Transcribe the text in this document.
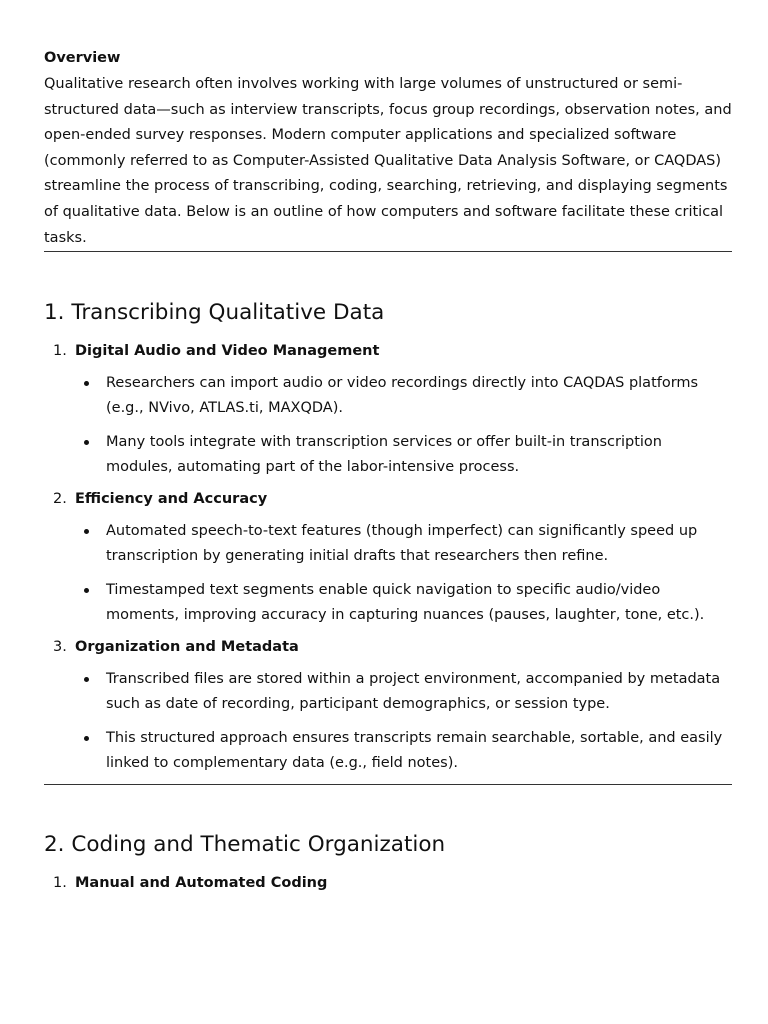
Overview

Qualitative research often involves working with large volumes of unstructured or semi-structured data—such as interview transcripts, focus group recordings, observation notes, and open-ended survey responses. Modern computer applications and specialized software (commonly referred to as Computer-Assisted Qualitative Data Analysis Software, or CAQDAS) streamline the process of transcribing, coding, searching, retrieving, and displaying segments of qualitative data. Below is an outline of how computers and software facilitate these critical tasks.

1. Transcribing Qualitative Data
1. Digital Audio and Video Management
Researchers can import audio or video recordings directly into CAQDAS platforms (e.g., NVivo, ATLAS.ti, MAXQDA).
Many tools integrate with transcription services or offer built-in transcription modules, automating part of the labor-intensive process.
2. Efficiency and Accuracy
Automated speech-to-text features (though imperfect) can significantly speed up transcription by generating initial drafts that researchers then refine.
Timestamped text segments enable quick navigation to specific audio/video moments, improving accuracy in capturing nuances (pauses, laughter, tone, etc.).
3. Organization and Metadata
Transcribed files are stored within a project environment, accompanied by metadata such as date of recording, participant demographics, or session type.
This structured approach ensures transcripts remain searchable, sortable, and easily linked to complementary data (e.g., field notes).
2. Coding and Thematic Organization
1. Manual and Automated Coding
